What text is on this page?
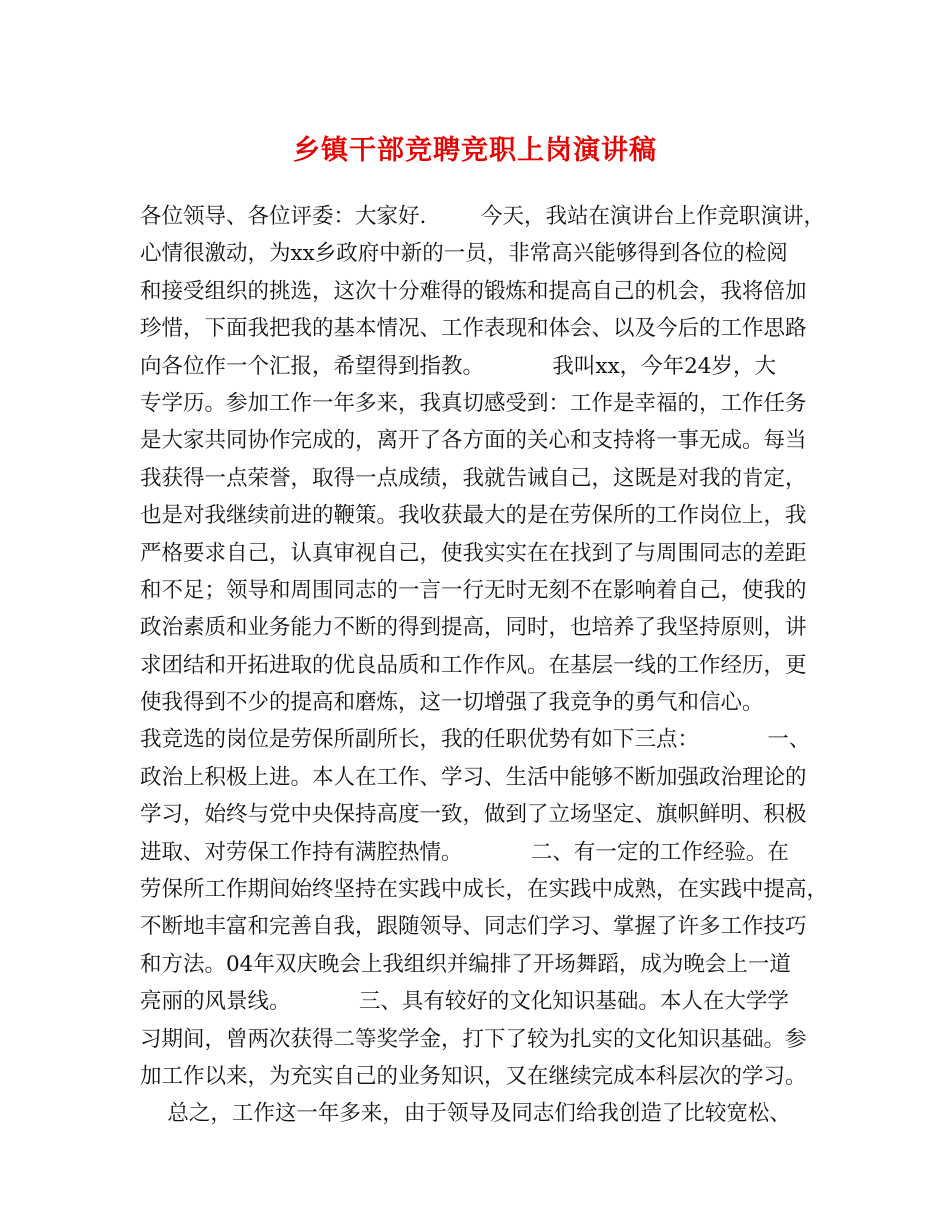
乡镇干部竞聘竞职上岗演讲稿
各位领导、各位评委：大家好.        今天，我站在演讲台上作竞职演讲，
心情很激动，为xx乡政府中新的一员，非常高兴能够得到各位的检阅
和接受组织的挑选，这次十分难得的锻炼和提高自己的机会，我将倍加
珍惜，下面我把我的基本情况、工作表现和体会、以及今后的工作思路
向各位作一个汇报，希望得到指教。          我叫xx，今年24岁，大
专学历。参加工作一年多来，我真切感受到：工作是幸福的，工作任务
是大家共同协作完成的，离开了各方面的关心和支持将一事无成。每当
我获得一点荣誉，取得一点成绩，我就告诫自己，这既是对我的肯定，
也是对我继续前进的鞭策。我收获最大的是在劳保所的工作岗位上，我
严格要求自己，认真审视自己，使我实实在在找到了与周围同志的差距
和不足；领导和周围同志的一言一行无时无刻不在影响着自己，使我的
政治素质和业务能力不断的得到提高，同时，也培养了我坚持原则，讲
求团结和开拓进取的优良品质和工作作风。在基层一线的工作经历，更
使我得到不少的提高和磨炼，这一切增强了我竞争的勇气和信心。
我竞选的岗位是劳保所副所长，我的任职优势有如下三点：          一、
政治上积极上进。本人在工作、学习、生活中能够不断加强政治理论的
学习，始终与党中央保持高度一致，做到了立场坚定、旗帜鲜明、积极
进取、对劳保工作持有满腔热情。          二、有一定的工作经验。在
劳保所工作期间始终坚持在实践中成长，在实践中成熟，在实践中提高，
不断地丰富和完善自我，跟随领导、同志们学习、掌握了许多工作技巧
和方法。04年双庆晚会上我组织并编排了开场舞蹈，成为晚会上一道
亮丽的风景线。          三、具有较好的文化知识基础。本人在大学学
习期间，曾两次获得二等奖学金，打下了较为扎实的文化知识基础。参
加工作以来，为充实自己的业务知识，又在继续完成本科层次的学习。
总之，工作这一年多来，由于领导及同志们给我创造了比较宽松、
